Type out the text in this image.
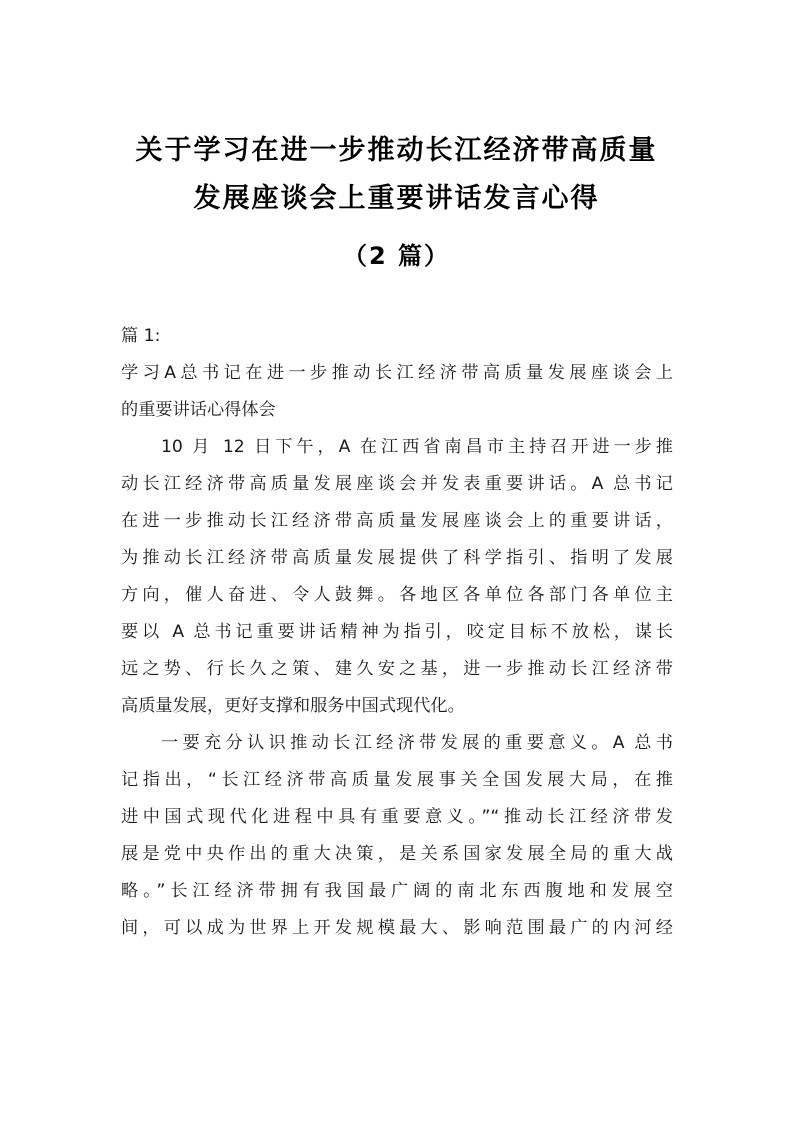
关于学习在进一步推动长江经济带高质量
发展座谈会上重要讲话发言心得
（2 篇）
篇 1:
学习A总书记在进一步推动长江经济带高质量发展座谈会上
的重要讲话心得体会
10 月 12 日下午，A 在江西省南昌市主持召开进一步推
动长江经济带高质量发展座谈会并发表重要讲话。A 总书记
在进一步推动长江经济带高质量发展座谈会上的重要讲话，
为推动长江经济带高质量发展提供了科学指引、指明了发展
方向，催人奋进、令人鼓舞。各地区各单位各部门各单位主
要以 A 总书记重要讲话精神为指引，咬定目标不放松，谋长
远之势、行长久之策、建久安之基，进一步推动长江经济带
高质量发展，更好支撑和服务中国式现代化。
一要充分认识推动长江经济带发展的重要意义。A 总书
记指出，“长江经济带高质量发展事关全国发展大局，在推
进中国式现代化进程中具有重要意义。”“推动长江经济带发
展是党中央作出的重大决策，是关系国家发展全局的重大战
略。”长江经济带拥有我国最广阔的南北东西腹地和发展空
间，可以成为世界上开发规模最大、影响范围最广的内河经
